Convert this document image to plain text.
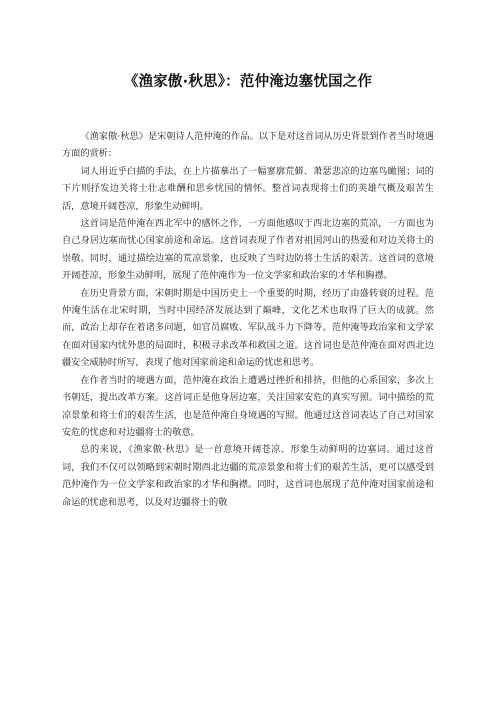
《渔家傲·秋思》：范仲淹边塞忧国之作

《渔家傲·秋思》是宋朝诗人范仲淹的作品。以下是对这首词从历史背景到作者当时境遇方面的赏析：

词人用近乎白描的手法，在上片描摹出了一幅寥廓荒僻、萧瑟悲凉的边塞鸟瞰图；词的下片则抒发边关将士壮志难酬和思乡忧国的情怀。整首词表现将士们的英雄气概及艰苦生活，意境开阔苍凉，形象生动鲜明。

这首词是范仲淹在西北军中的感怀之作，一方面他感叹于西北边塞的荒凉，一方面也为自己身居边塞而忧心国家前途和命运。这首词表现了作者对祖国河山的热爱和对边关将士的崇敬。同时，通过描绘边塞的荒凉景象，也反映了当时边防将士生活的艰苦。这首词的意境开阔苍凉，形象生动鲜明，展现了范仲淹作为一位文学家和政治家的才华和胸襟。

在历史背景方面，宋朝时期是中国历史上一个重要的时期，经历了由盛转衰的过程。范仲淹生活在北宋时期，当时中国经济发展达到了巅峰，文化艺术也取得了巨大的成就。然而，政治上却存在着诸多问题，如官员腐败、军队战斗力下降等。范仲淹等政治家和文学家在面对国家内忧外患的局面时，积极寻求改革和救国之道。这首词也是范仲淹在面对西北边疆安全威胁时所写，表现了他对国家前途和命运的忧虑和思考。

在作者当时的境遇方面，范仲淹在政治上遭遇过挫折和排挤，但他的心系国家，多次上书朝廷，提出改革方案。这首词正是他身居边塞，关注国家安危的真实写照。词中描绘的荒凉景象和将士们的艰苦生活，也是范仲淹自身境遇的写照。他通过这首词表达了自己对国家安危的忧虑和对边疆将士的敬意。

总的来说，《渔家傲·秋思》是一首意境开阔苍凉、形象生动鲜明的边塞词。通过这首词，我们不仅可以领略到宋朝时期西北边疆的荒凉景象和将士们的艰苦生活，更可以感受到范仲淹作为一位文学家和政治家的才华和胸襟。同时，这首词也展现了范仲淹对国家前途和命运的忧虑和思考，以及对边疆将士的敬
